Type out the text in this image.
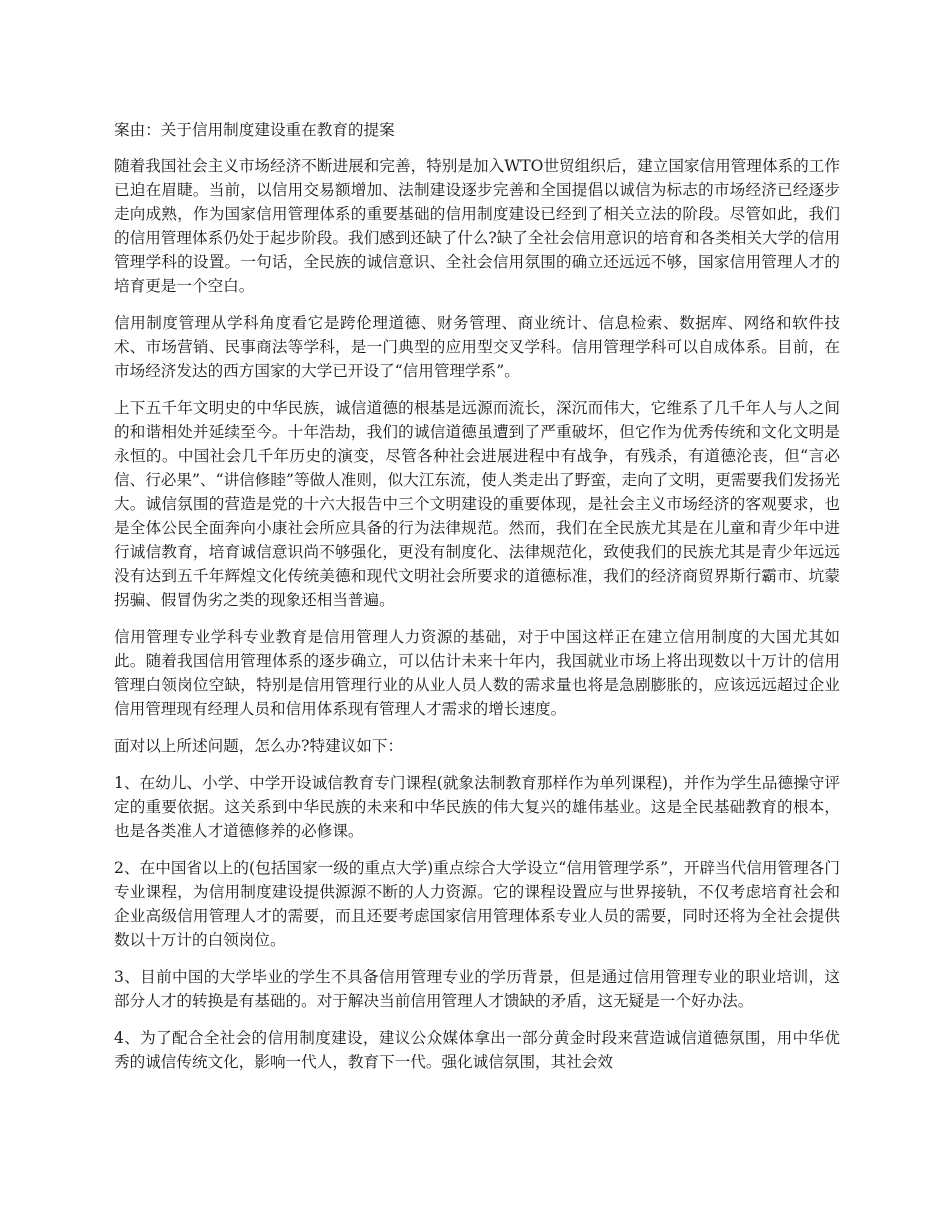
案由：关于信用制度建设重在教育的提案

随着我国社会主义市场经济不断进展和完善，特别是加入WTO世贸组织后，建立国家信用管理体系的工作已迫在眉睫。当前，以信用交易额增加、法制建设逐步完善和全国提倡以诚信为标志的市场经济已经逐步走向成熟，作为国家信用管理体系的重要基础的信用制度建设已经到了相关立法的阶段。尽管如此，我们的信用管理体系仍处于起步阶段。我们感到还缺了什么?缺了全社会信用意识的培育和各类相关大学的信用管理学科的设置。一句话，全民族的诚信意识、全社会信用氛围的确立还远远不够，国家信用管理人才的培育更是一个空白。

信用制度管理从学科角度看它是跨伦理道德、财务管理、商业统计、信息检索、数据库、网络和软件技术、市场营销、民事商法等学科，是一门典型的应用型交叉学科。信用管理学科可以自成体系。目前，在市场经济发达的西方国家的大学已开设了“信用管理学系”。

上下五千年文明史的中华民族，诚信道德的根基是远源而流长，深沉而伟大，它维系了几千年人与人之间的和谐相处并延续至今。十年浩劫，我们的诚信道德虽遭到了严重破坏，但它作为优秀传统和文化文明是永恒的。中国社会几千年历史的演变，尽管各种社会进展进程中有战争，有残杀，有道德沦丧，但“言必信、行必果”、“讲信修睦”等做人准则，似大江东流，使人类走出了野蛮，走向了文明，更需要我们发扬光大。诚信氛围的营造是党的十六大报告中三个文明建设的重要体现，是社会主义市场经济的客观要求，也是全体公民全面奔向小康社会所应具备的行为法律规范。然而，我们在全民族尤其是在儿童和青少年中进行诚信教育，培育诚信意识尚不够强化，更没有制度化、法律规范化，致使我们的民族尤其是青少年远远没有达到五千年辉煌文化传统美德和现代文明社会所要求的道德标准，我们的经济商贸界斯行霸市、坑蒙拐骗、假冒伪劣之类的现象还相当普遍。

信用管理专业学科专业教育是信用管理人力资源的基础，对于中国这样正在建立信用制度的大国尤其如此。随着我国信用管理体系的逐步确立，可以估计未来十年内，我国就业市场上将出现数以十万计的信用管理白领岗位空缺，特别是信用管理行业的从业人员人数的需求量也将是急剧膨胀的，应该远远超过企业信用管理现有经理人员和信用体系现有管理人才需求的增长速度。

面对以上所述问题，怎么办?特建议如下：

1、在幼儿、小学、中学开设诚信教育专门课程(就象法制教育那样作为单列课程)，并作为学生品德操守评定的重要依据。这关系到中华民族的未来和中华民族的伟大复兴的雄伟基业。这是全民基础教育的根本，也是各类准人才道德修养的必修课。

2、在中国省以上的(包括国家一级的重点大学)重点综合大学设立“信用管理学系”，开辟当代信用管理各门专业课程，为信用制度建设提供源源不断的人力资源。它的课程设置应与世界接轨，不仅考虑培育社会和企业高级信用管理人才的需要，而且还要考虑国家信用管理体系专业人员的需要，同时还将为全社会提供数以十万计的白领岗位。

3、目前中国的大学毕业的学生不具备信用管理专业的学历背景，但是通过信用管理专业的职业培训，这部分人才的转换是有基础的。对于解决当前信用管理人才馈缺的矛盾，这无疑是一个好办法。

4、为了配合全社会的信用制度建设，建议公众媒体拿出一部分黄金时段来营造诚信道德氛围，用中华优秀的诚信传统文化，影响一代人，教育下一代。强化诚信氛围，其社会效
